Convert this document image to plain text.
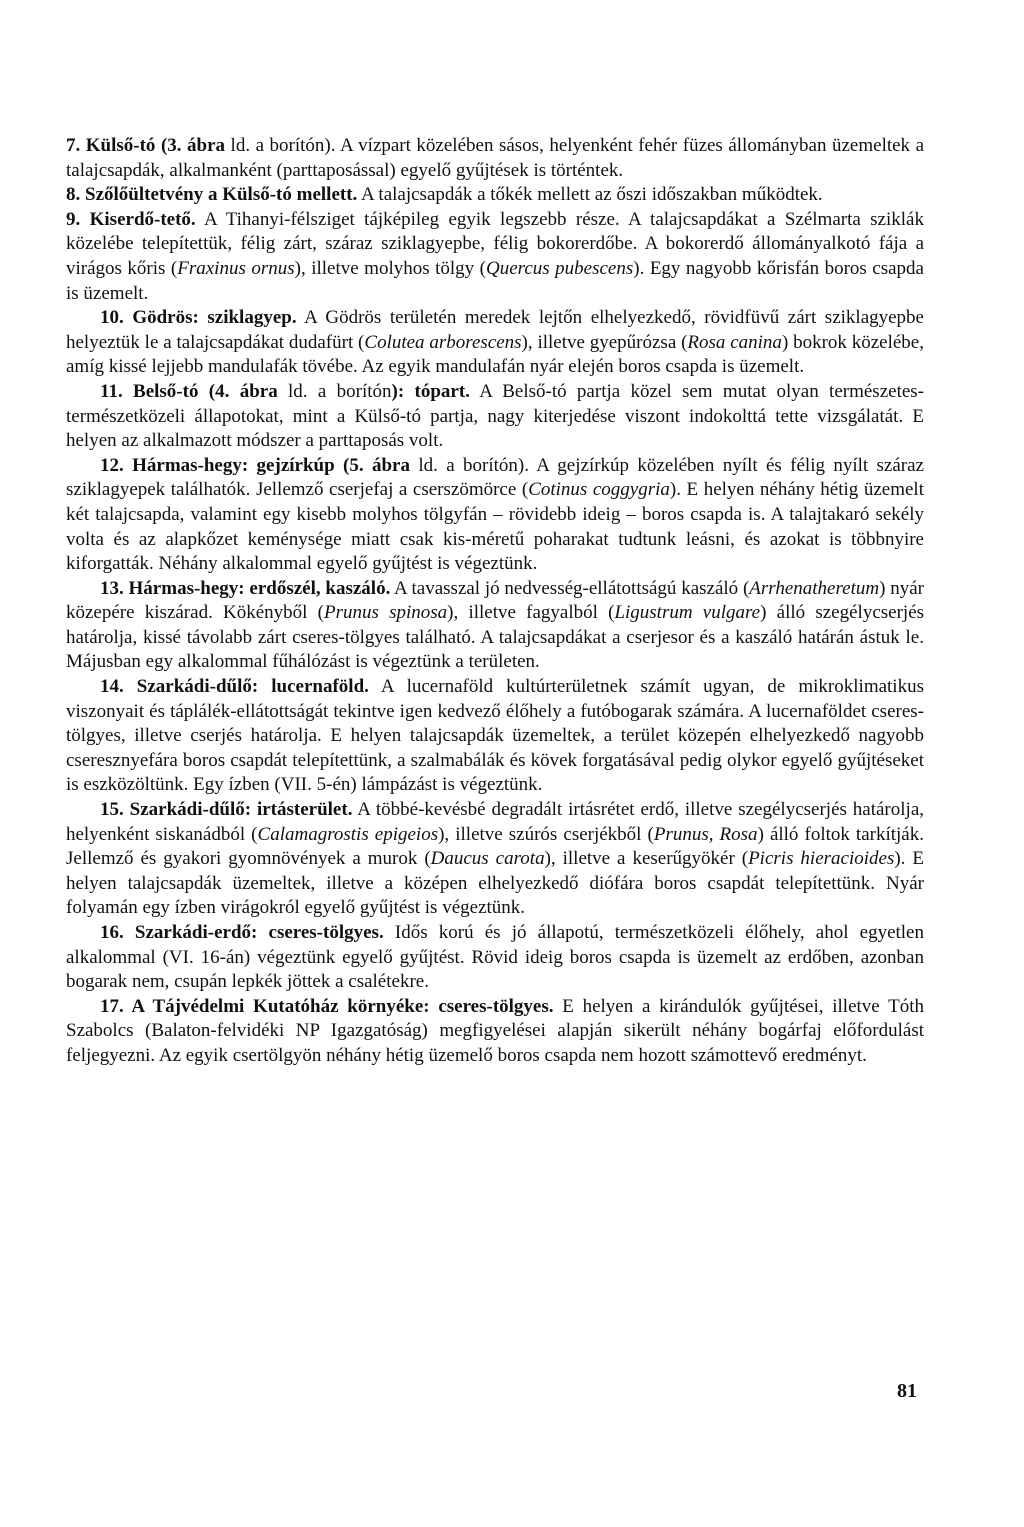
7. Külső-tó (3. ábra ld. a borítón). A vízpart közelében sásos, helyenként fehér füzes állományban üzemeltek a talajcsapdák, alkalmanként (parttaposással) egyelő gyűjtések is történtek.

8. Szőlőültetvény a Külső-tó mellett. A talajcsapdák a tőkék mellett az őszi időszakban működtek.

9. Kiserdő-tető. A Tihanyi-félsziget tájképileg egyik legszebb része. A talajcsapdákat a Szélmarta sziklák közelébe telepítettük, félig zárt, száraz sziklagyepbe, félig bokorerdőbe. A bokorerdő állományalkotó fája a virágos kőris (Fraxinus ornus), illetve molyhos tölgy (Quercus pubescens). Egy nagyobb kőrisfán boros csapda is üzemelt.

10. Gödrös: sziklagyep. A Gödrös területén meredek lejtőn elhelyezkedő, rövidfüvű zárt sziklagyepbe helyeztük le a talajcsapdákat dudafürt (Colutea arborescens), illetve gyepűrózsa (Rosa canina) bokrok közelébe, amíg kissé lejjebb mandulafák tövébe. Az egyik mandulafán nyár elején boros csapda is üzemelt.

11. Belső-tó (4. ábra ld. a borítón): tópart. A Belső-tó partja közel sem mutat olyan természetes-természetközeli állapotokat, mint a Külső-tó partja, nagy kiterjedése viszont indokolttá tette vizsgálatát. E helyen az alkalmazott módszer a parttaposás volt.

12. Hármas-hegy: gejzírkúp (5. ábra ld. a borítón). A gejzírkúp közelében nyílt és félig nyílt száraz sziklagyepek találhatók. Jellemző cserjefaj a cserszömörce (Cotinus coggygria). E helyen néhány hétig üzemelt két talajcsapda, valamint egy kisebb molyhos tölgyfán – rövidebb ideig – boros csapda is. A talajtakaró sekély volta és az alapkőzet keménysége miatt csak kis-méretű poharakat tudtunk leásni, és azokat is többnyire kiforgatták. Néhány alkalommal egyelő gyűjtést is végeztünk.

13. Hármas-hegy: erdőszél, kaszáló. A tavasszal jó nedvesség-ellátottságú kaszáló (Arrhenatheretum) nyár közepére kiszárad. Kökényből (Prunus spinosa), illetve fagyalból (Ligustrum vulgare) álló szegélycserjés határolja, kissé távolabb zárt cseres-tölgyes található. A talajcsapdákat a cserjesor és a kaszáló határán ástuk le. Májusban egy alkalommal fűhálózást is végeztünk a területen.

14. Szarkádi-dűlő: lucernaföld. A lucernaföld kultúrterületnek számít ugyan, de mikroklimatikus viszonyait és táplálék-ellátottságát tekintve igen kedvező élőhely a futóbogarak számára. A lucernaföldet cseres-tölgyes, illetve cserjés határolja. E helyen talajcsapdák üzemeltek, a terület közepén elhelyezkedő nagyobb cseresznyefára boros csapdát telepítettünk, a szalmabálák és kövek forgatásával pedig olykor egyelő gyűjtéseket is eszközöltünk. Egy ízben (VII. 5-én) lámpázást is végeztünk.

15. Szarkádi-dűlő: irtásterület. A többé-kevésbé degradált irtásrétet erdő, illetve szegélycserjés határolja, helyenként siskanádból (Calamagrostis epigeios), illetve szúrós cserjékből (Prunus, Rosa) álló foltok tarkítják. Jellemző és gyakori gyomnövények a murok (Daucus carota), illetve a keserűgyökér (Picris hieracioides). E helyen talajcsapdák üzemeltek, illetve a középen elhelyezkedő diófára boros csapdát telepítettünk. Nyár folyamán egy ízben virágokról egyelő gyűjtést is végeztünk.

16. Szarkádi-erdő: cseres-tölgyes. Idős korú és jó állapotú, természetközeli élőhely, ahol egyetlen alkalommal (VI. 16-án) végeztünk egyelő gyűjtést. Rövid ideig boros csapda is üzemelt az erdőben, azonban bogarak nem, csupán lepkék jöttek a csalétekre.

17. A Tájvédelmi Kutatóház környéke: cseres-tölgyes. E helyen a kirándulók gyűjtései, illetve Tóth Szabolcs (Balaton-felvidéki NP Igazgatóság) megfigyelései alapján sikerült néhány bogárfaj előfordulást feljegyezni. Az egyik csertölgyön néhány hétig üzemelő boros csapda nem hozott számottevő eredményt.

81
